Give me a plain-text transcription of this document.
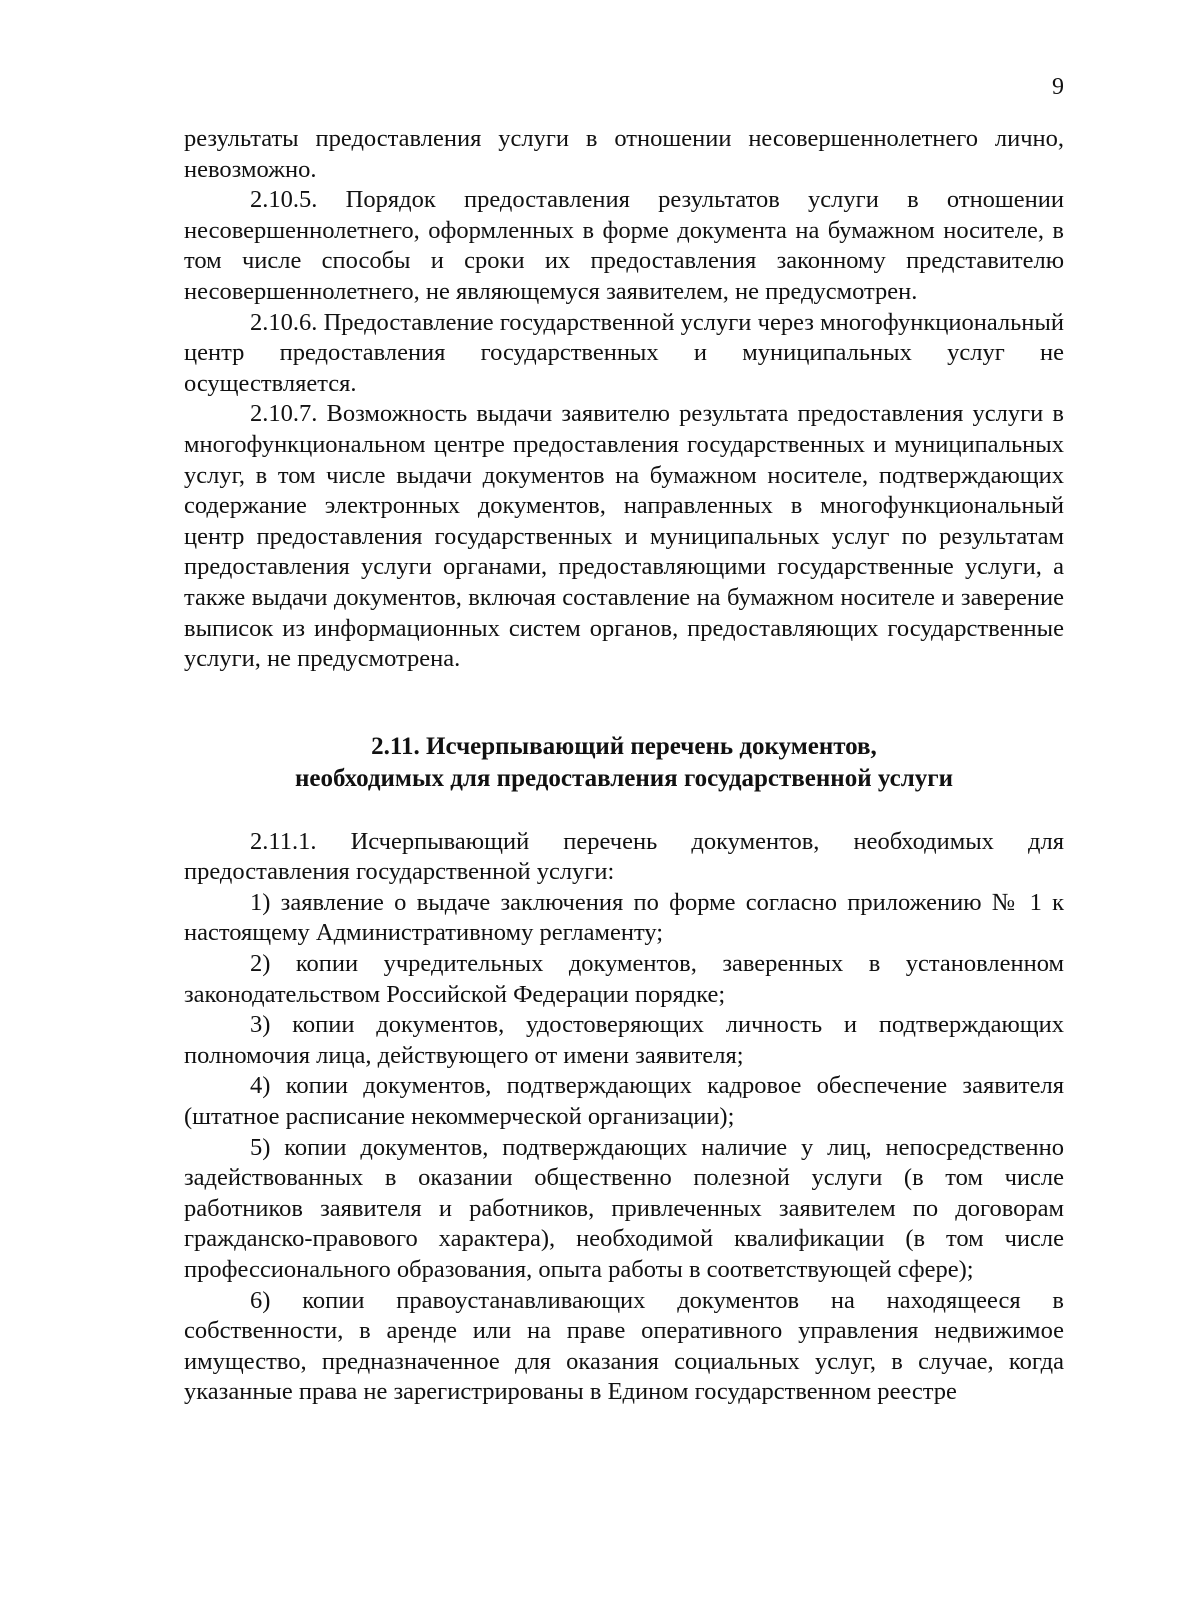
9

результаты предоставления услуги в отношении несовершеннолетнего лично, невозможно.

2.10.5. Порядок предоставления результатов услуги в отношении несовершеннолетнего, оформленных в форме документа на бумажном носителе, в том числе способы и сроки их предоставления законному представителю несовершеннолетнего, не являющемуся заявителем, не предусмотрен.

2.10.6. Предоставление государственной услуги через многофункциональный центр предоставления государственных и муниципальных услуг не осуществляется.

2.10.7. Возможность выдачи заявителю результата предоставления услуги в многофункциональном центре предоставления государственных и муниципальных услуг, в том числе выдачи документов на бумажном носителе, подтверждающих содержание электронных документов, направленных в многофункциональный центр предоставления государственных и муниципальных услуг по результатам предоставления услуги органами, предоставляющими государственные услуги, а также выдачи документов, включая составление на бумажном носителе и заверение выписок из информационных систем органов, предоставляющих государственные услуги, не предусмотрена.

2.11. Исчерпывающий перечень документов,

необходимых для предоставления государственной услуги

2.11.1. Исчерпывающий перечень документов, необходимых для предоставления государственной услуги:

1) заявление о выдаче заключения по форме согласно приложению № 1 к настоящему Административному регламенту;

2) копии учредительных документов, заверенных в установленном законодательством Российской Федерации порядке;

3) копии документов, удостоверяющих личность и подтверждающих полномочия лица, действующего от имени заявителя;

4) копии документов, подтверждающих кадровое обеспечение заявителя (штатное расписание некоммерческой организации);

5) копии документов, подтверждающих наличие у лиц, непосредственно задействованных в оказании общественно полезной услуги (в том числе работников заявителя и работников, привлеченных заявителем по договорам гражданско-правового характера), необходимой квалификации (в том числе профессионального образования, опыта работы в соответствующей сфере);

6) копии правоустанавливающих документов на находящееся в собственности, в аренде или на праве оперативного управления недвижимое имущество, предназначенное для оказания социальных услуг, в случае, когда указанные права не зарегистрированы в Едином государственном реестре
